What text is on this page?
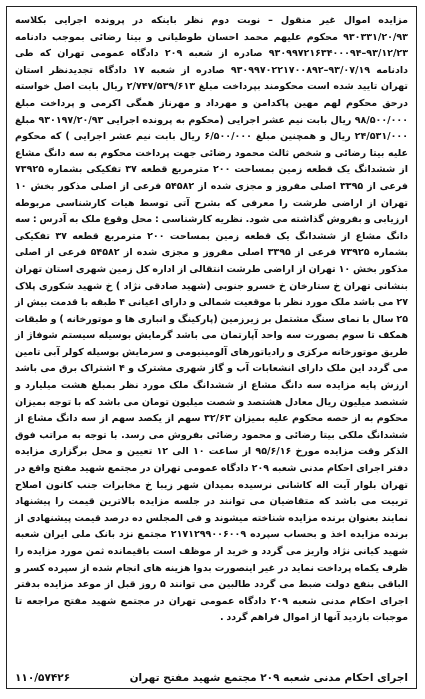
مزایده اموال غیر منقول – نوبت دوم نظر باینکه در پرونده اجرایی بکلاسه ۹۳۰۳۳۱/۲۰/۹۳ محکوم علیهم محمد احسان طوطیانی و بیتا رضائی بموجب دادنامه ۹۳/۱۲/۲۳–۹۳۰۹۹۷۲۱۶۳۴۰۰۰۹۴ صادره از شعبه ۲۰۹ دادگاه عمومی تهران که طی دادنامه ۹۳/۰۷/۱۹–۹۳۰۹۹۷۰۲۲۱۷۰۰۸۹۲ صادره از شعبه ۱۷ دادگاه تجدیدنظر استان تهران تایید شده است محکومند بپرداخت مبلغ ۲/۷۴۷/۵۳۹/۶۱۳ ریال بابت اصل خواسته درحق محکوم لهم مهین پاکدامن و مهرداد و مهرناز همگی اکرمی و پرداخت مبلغ ۹۸/۵۰۰/۰۰۰ ریال بابت نیم عشر اجرایی (محکوم به پرونده اجرایی ۹۳۰۱۹۷/۲۰/۹۳ مبلغ ۲۴/۵۳۱/۰۰۰ ریال و همچنین مبلغ ۶/۵۰۰/۰۰۰ ریال بابت نیم عشر اجرایی ) که محکوم علیه بیتا رضائی و شخص ثالث محمود رضائی جهت پرداخت محکوم به سه دانگ مشاع از ششدانگ یک قطعه زمین بمساحت ۲۰۰ مترمربع قطعه ۳۷ تفکیکی بشماره ۷۳۹۲۵ فرعی از ۳۳۹۵ اصلی مفروز و مجزی شده از ۵۴۵۸۲ فرعی از اصلی مذکور بخش ۱۰ تهران از اراضی طرشت را معرفی که بشرح آتی توسط هیات کارشناسی مربوطه ارزیابی و بفروش گذاشته می شود. نظریه کارشناسی : محل وقوع ملک به آدرس : سه دانگ مشاع از ششدانگ یک قطعه زمین بمساحت ۲۰۰ مترمربع قطعه ۳۷ تفکیکی بشماره ۷۳۹۲۵ فرعی از ۳۳۹۵ اصلی مفروز و مجزی شده از ۵۴۵۸۲ فرعی از اصلی مذکور بخش ۱۰ تهران از اراضی طرشت انتقالی از اداره کل زمین شهری استان تهران بنشانی تهران خ ستارخان خ خسرو جنوبی (شهید صادقی نژاد ) خ شهید شکوری پلاک ۲۷ می باشد ملک مورد نظر با موقعیت شمالی و دارای اعیانی ۴ طبقه با قدمت بیش از ۲۵ سال با نمای سنگ مشتمل بر زیرزمین (پارکینگ و انباری ها و موتورخانه ) و طبقات همکف تا سوم بصورت سه واحد آپارتمان می باشد گرمایش بوسیله سیستم شوفاژ از طریق موتورخانه مرکزی و رادیاتورهای آلومینیومی و سرمایش بوسیله کولر آبی تامین می گردد این ملک دارای انشعابات آب و گاز شهری مشترک و ۴ اشتراک برق می باشد ارزش پایه مزایده سه دانگ مشاع از ششدانگ ملک مورد نظر بمبلغ هشت میلیارد و ششصد میلیون ریال معادل هشتصد و شصت میلیون تومان می باشد که با توجه بمیزان محکوم به از حصه محکوم علیه بمیزان ۳۲/۶۳ سهم از یکصد سهم از سه دانگ مشاع از ششدانگ ملکی بیتا رضائی و محمود رضائی بفروش می رسد. با توجه به مراتب فوق الذکر وقت مزایده مورخ ۹۵/۶/۱۶ از ساعت ۱۰ الی ۱۲ تعیین و محل برگزاری مزایده دفتر اجرای احکام مدنی شعبه ۲۰۹ دادگاه عمومی تهران در مجتمع شهید مفتح واقع در تهران بلوار آیت اله کاشانی نرسیده بمیدان شهر زیبا خ مخابرات جنب کانون اصلاح تربیت می باشد که متقاضیان می توانند در جلسه مزایده بالاترین قیمت را پیشنهاد نمایند بعنوان برنده مزایده شناخته میشوند و فی المجلس ده درصد قیمت پیشنهادی از برنده مزایده اخذ و بحساب سپرده ۲۱۷۱۲۹۹۰۰۶۰۰۹ مجتمع نزد بانک ملی ایران شعبه شهید کیانی نژاد واریز می گردد و خرید ار موظف است باقیمانده ثمن مورد مزایده را ظرف یکماه پرداخت نماید در غیر اینصورت بدوا هزینه های انجام شده از سپرده کسر و الباقی بنفع دولت ضبط می گردد طالبین می توانند ۵ روز قبل از موعد مزایده بدفتر اجرای احکام مدنی شعبه ۲۰۹ دادگاه عمومی تهران در مجتمع شهید مفتح مراجعه تا موجبات بازدید آنها از اموال فراهم گردد .

اجرای احکام مدنی شعبه ۲۰۹ مجتمع شهید مفتح تهران
۱۱۰/۵۷۴۲۶
